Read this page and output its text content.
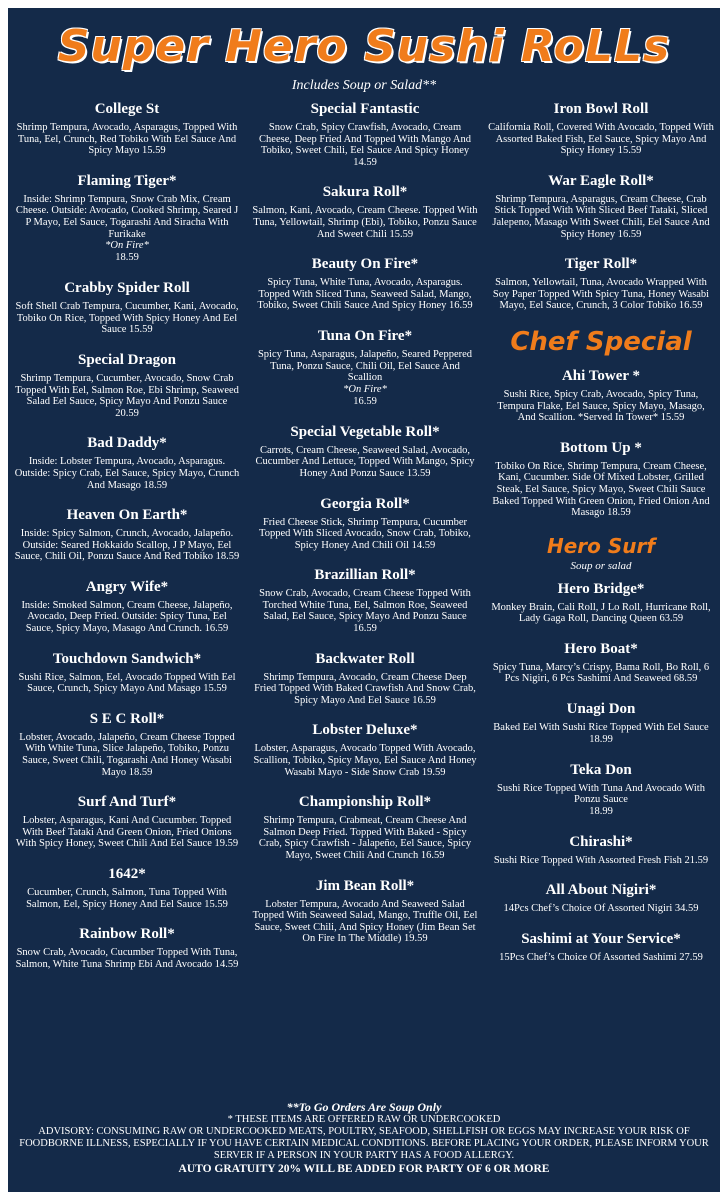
Super Hero Sushi RoLLs
Includes Soup or Salad**
College St
Shrimp Tempura, Avocado, Asparagus, Topped With Tuna, Eel, Crunch, Red Tobiko With Eel Sauce And Spicy Mayo 15.59
Flaming Tiger*
Inside: Shrimp Tempura, Snow Crab Mix, Cream Cheese. Outside: Avocado, Cooked Shrimp, Seared J P Mayo, Eel Sauce, Togarashi And Siracha With Furikake
*On Fire*
18.59
Crabby Spider Roll
Soft Shell Crab Tempura, Cucumber, Kani, Avocado, Tobiko On Rice, Topped With Spicy Honey And Eel Sauce 15.59
Special Dragon
Shrimp Tempura, Cucumber, Avocado, Snow Crab Topped With Eel, Salmon Roe, Ebi Shrimp, Seaweed Salad Eel Sauce, Spicy Mayo And Ponzu Sauce 20.59
Bad Daddy*
Inside: Lobster Tempura, Avocado, Asparagus. Outside: Spicy Crab, Eel Sauce, Spicy Mayo, Crunch And Masago 18.59
Heaven On Earth*
Inside: Spicy Salmon, Crunch, Avocado, Jalapeño. Outside: Seared Hokkaido Scallop, J P Mayo, Eel Sauce, Chili Oil, Ponzu Sauce And Red Tobiko 18.59
Angry Wife*
Inside: Smoked Salmon, Cream Cheese, Jalapeño, Avocado, Deep Fried. Outside: Spicy Tuna, Eel Sauce, Spicy Mayo, Masago And Crunch. 16.59
Touchdown Sandwich*
Sushi Rice, Salmon, Eel, Avocado Topped With Eel Sauce, Crunch, Spicy Mayo And Masago 15.59
S E C Roll*
Lobster, Avocado, Jalapeño, Cream Cheese Topped With White Tuna, Slice Jalapeño, Tobiko, Ponzu Sauce, Sweet Chili, Togarashi And Honey Wasabi Mayo 18.59
Surf And Turf*
Lobster, Asparagus, Kani And Cucumber. Topped With Beef Tataki And Green Onion, Fried Onions With Spicy Honey, Sweet Chili And Eel Sauce 19.59
1642*
Cucumber, Crunch, Salmon, Tuna Topped With Salmon, Eel, Spicy Honey And Eel Sauce 15.59
Rainbow Roll*
Snow Crab, Avocado, Cucumber Topped With Tuna, Salmon, White Tuna Shrimp Ebi And Avocado 14.59
Special Fantastic
Snow Crab, Spicy Crawfish, Avocado, Cream Cheese, Deep Fried And Topped With Mango And Tobiko, Sweet Chili, Eel Sauce And Spicy Honey 14.59
Sakura Roll*
Salmon, Kani, Avocado, Cream Cheese. Topped With Tuna, Yellowtail, Shrimp (Ebi), Tobiko, Ponzu Sauce And Sweet Chili 15.59
Beauty On Fire*
Spicy Tuna, White Tuna, Avocado, Asparagus. Topped With Sliced Tuna, Seaweed Salad, Mango, Tobiko, Sweet Chili Sauce And Spicy Honey 16.59
Tuna On Fire*
Spicy Tuna, Asparagus, Jalapeño, Seared Peppered Tuna, Ponzu Sauce, Chili Oil, Eel Sauce And Scallion
*On Fire*
16.59
Special Vegetable Roll*
Carrots, Cream Cheese, Seaweed Salad, Avocado, Cucumber And Lettuce, Topped With Mango, Spicy Honey And Ponzu Sauce 13.59
Georgia Roll*
Fried Cheese Stick, Shrimp Tempura, Cucumber Topped With Sliced Avocado, Snow Crab, Tobiko, Spicy Honey And Chili Oil 14.59
Brazillian Roll*
Snow Crab, Avocado, Cream Cheese Topped With Torched White Tuna, Eel, Salmon Roe, Seaweed Salad, Eel Sauce, Spicy Mayo And Ponzu Sauce 16.59
Backwater Roll
Shrimp Tempura, Avocado, Cream Cheese Deep Fried Topped With Baked Crawfish And Snow Crab, Spicy Mayo And Eel Sauce 16.59
Lobster Deluxe*
Lobster, Asparagus, Avocado Topped With Avocado, Scallion, Tobiko, Spicy Mayo, Eel Sauce And Honey Wasabi Mayo - Side Snow Crab 19.59
Championship Roll*
Shrimp Tempura, Crabmeat, Cream Cheese And Salmon Deep Fried. Topped With Baked - Spicy Crab, Spicy Crawfish - Jalapeño, Eel Sauce, Spicy Mayo, Sweet Chili And Crunch 16.59
Jim Bean Roll*
Lobster Tempura, Avocado And Seaweed Salad Topped With Seaweed Salad, Mango, Truffle Oil, Eel Sauce, Sweet Chili, And Spicy Honey (Jim Bean Set On Fire In The Middle) 19.59
Iron Bowl Roll
California Roll, Covered With Avocado, Topped With Assorted Baked Fish, Eel Sauce, Spicy Mayo And Spicy Honey 15.59
War Eagle Roll*
Shrimp Tempura, Asparagus, Cream Cheese, Crab Stick Topped With With Sliced Beef Tataki, Sliced Jalepeno, Masago With Sweet Chili, Eel Sauce And Spicy Honey 16.59
Tiger Roll*
Salmon, Yellowtail, Tuna, Avocado Wrapped With Soy Paper Topped With Spicy Tuna, Honey Wasabi Mayo, Eel Sauce, Crunch, 3 Color Tobiko 16.59
Chef Special
Ahi Tower *
Sushi Rice, Spicy Crab, Avocado, Spicy Tuna, Tempura Flake, Eel Sauce, Spicy Mayo, Masago, And Scallion. *Served In Tower* 15.59
Bottom Up *
Tobiko On Rice, Shrimp Tempura, Cream Cheese, Kani, Cucumber. Side Of Mixed Lobster, Grilled Steak, Eel Sauce, Spicy Mayo, Sweet Chili Sauce Baked Topped With Green Onion, Fried Onion And Masago 18.59
Hero Surf
Soup or salad
Hero Bridge*
Monkey Brain, Cali Roll, J Lo Roll, Hurricane Roll, Lady Gaga Roll, Dancing Queen 63.59
Hero Boat*
Spicy Tuna, Marcy’s Crispy, Bama Roll, Bo Roll, 6 Pcs Nigiri, 6 Pcs Sashimi And Seaweed 68.59
Unagi Don
Baked Eel With Sushi Rice Topped With Eel Sauce
18.99
Teka Don
Sushi Rice Topped With Tuna And Avocado With Ponzu Sauce
18.99
Chirashi*
Sushi Rice Topped With Assorted Fresh Fish 21.59
All About Nigiri*
14Pcs Chef’s Choice Of Assorted Nigiri 34.59
Sashimi at Your Service*
15Pcs Chef’s Choice Of Assorted Sashimi 27.59
**To Go Orders Are Soup Only
* THESE ITEMS ARE OFFERED RAW OR UNDERCOOKED
ADVISORY: CONSUMING RAW OR UNDERCOOKED MEATS, POULTRY, SEAFOOD, SHELLFISH OR EGGS MAY INCREASE YOUR RISK OF FOODBORNE ILLNESS, ESPECIALLY IF YOU HAVE CERTAIN MEDICAL CONDITIONS. BEFORE PLACING YOUR ORDER, PLEASE INFORM YOUR SERVER IF A PERSON IN YOUR PARTY HAS A FOOD ALLERGY.
AUTO GRATUITY 20% WILL BE ADDED FOR PARTY OF 6 OR MORE
